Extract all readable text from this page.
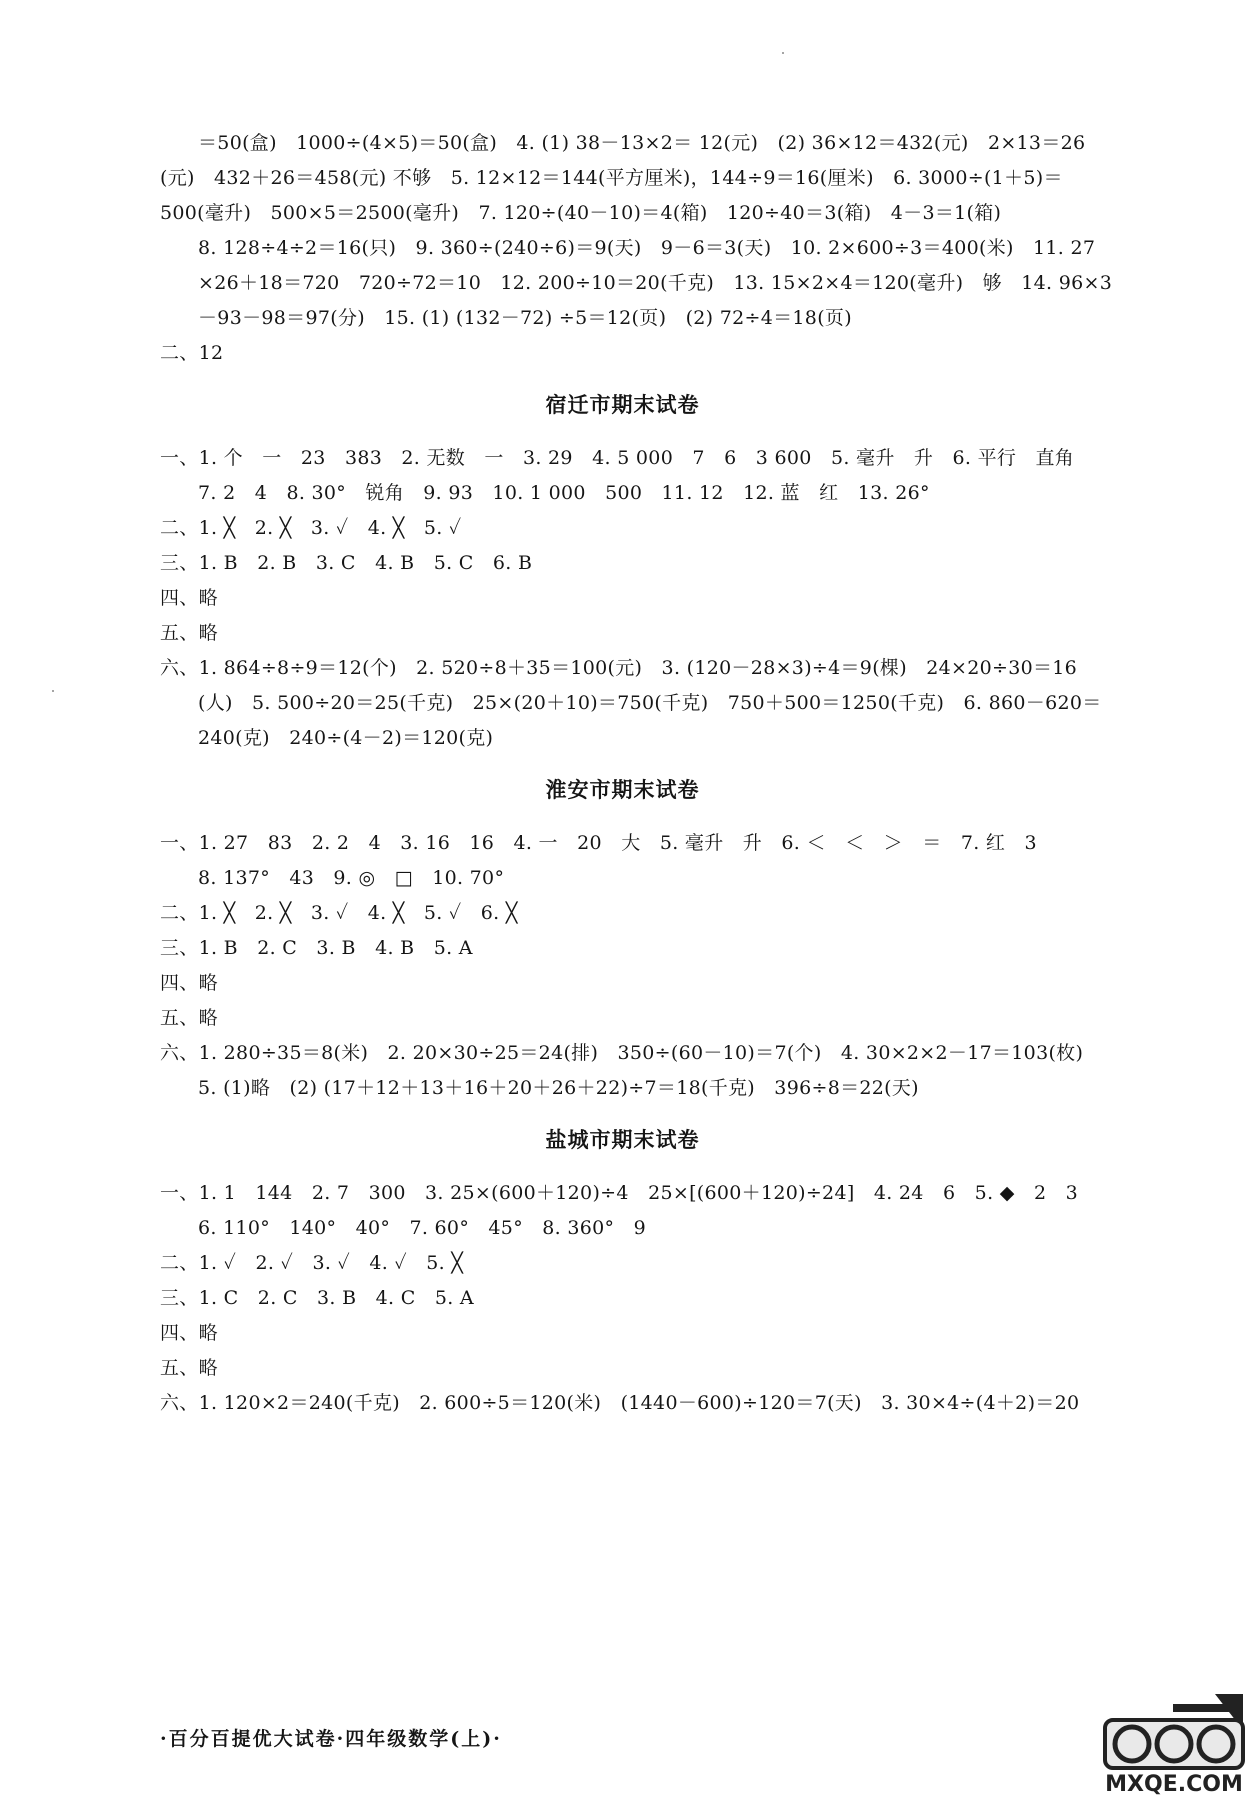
＝50(盒)　1000÷(4×5)＝50(盒)　4. (1) 38－13×2＝ 12(元)　(2) 36×12＝432(元)　2×13＝26
(元)　432＋26＝458(元) 不够　5. 12×12＝144(平方厘米)，144÷9＝16(厘米)　6. 3000÷(1＋5)＝
500(毫升)　500×5＝2500(毫升)　7. 120÷(40－10)＝4(箱)　120÷40＝3(箱)　4－3＝1(箱)
8. 128÷4÷2＝16(只)　9. 360÷(240÷6)＝9(天)　9－6＝3(天)　10. 2×600÷3＝400(米)　11. 27
×26＋18＝720　720÷72＝10　12. 200÷10＝20(千克)　13. 15×2×4＝120(毫升)　够　14. 96×3
－93－98＝97(分)　15. (1) (132－72) ÷5＝12(页)　(2) 72÷4＝18(页)
二、12
宿迁市期末试卷
一、1. 个　一　23　383　2. 无数　一　3. 29　4. 5 000　7　6　3 600　5. 毫升　升　6. 平行　直角
7. 2　4　8. 30°　锐角　9. 93　10. 1 000　500　11. 12　12. 蓝　红　13. 26°
二、1. ╳　2. ╳　3. ✓　4. ╳　5. ✓
三、1. B　2. B　3. C　4. B　5. C　6. B
四、略
五、略
六、1. 864÷8÷9＝12(个)　2. 520÷8＋35＝100(元)　3. (120－28×3)÷4＝9(棵)　24×20÷30＝16
(人)　5. 500÷20＝25(千克)　25×(20＋10)＝750(千克)　750＋500＝1250(千克)　6. 860－620＝
240(克)　240÷(4－2)＝120(克)
淮安市期末试卷
一、1. 27　83　2. 2　4　3. 16　16　4. 一　20　大　5. 毫升　升　6. ＜　＜　＞　＝　7. 红　3
8. 137°　43　9. ◎　□　10. 70°
二、1. ╳　2. ╳　3. ✓　4. ╳　5. ✓　6. ╳
三、1. B　2. C　3. B　4. B　5. A
四、略
五、略
六、1. 280÷35＝8(米)　2. 20×30÷25＝24(排)　350÷(60－10)＝7(个)　4. 30×2×2－17＝103(枚)
5. (1)略　(2) (17＋12＋13＋16＋20＋26＋22)÷7＝18(千克)　396÷8＝22(天)
盐城市期末试卷
一、1. 1　144　2. 7　300　3. 25×(600＋120)÷4　25×[(600＋120)÷24]　4. 24　6　5. ◆　2　3
6. 110°　140°　40°　7. 60°　45°　8. 360°　9
二、1. ✓　2. ✓　3. ✓　4. ✓　5. ╳
三、1. C　2. C　3. B　4. C　5. A
四、略
五、略
六、1. 120×2＝240(千克)　2. 600÷5＝120(米)　(1440－600)÷120＝7(天)　3. 30×4÷(4＋2)＝20
·百分百提优大试卷·四年级数学(上)·
MXQE.COM
